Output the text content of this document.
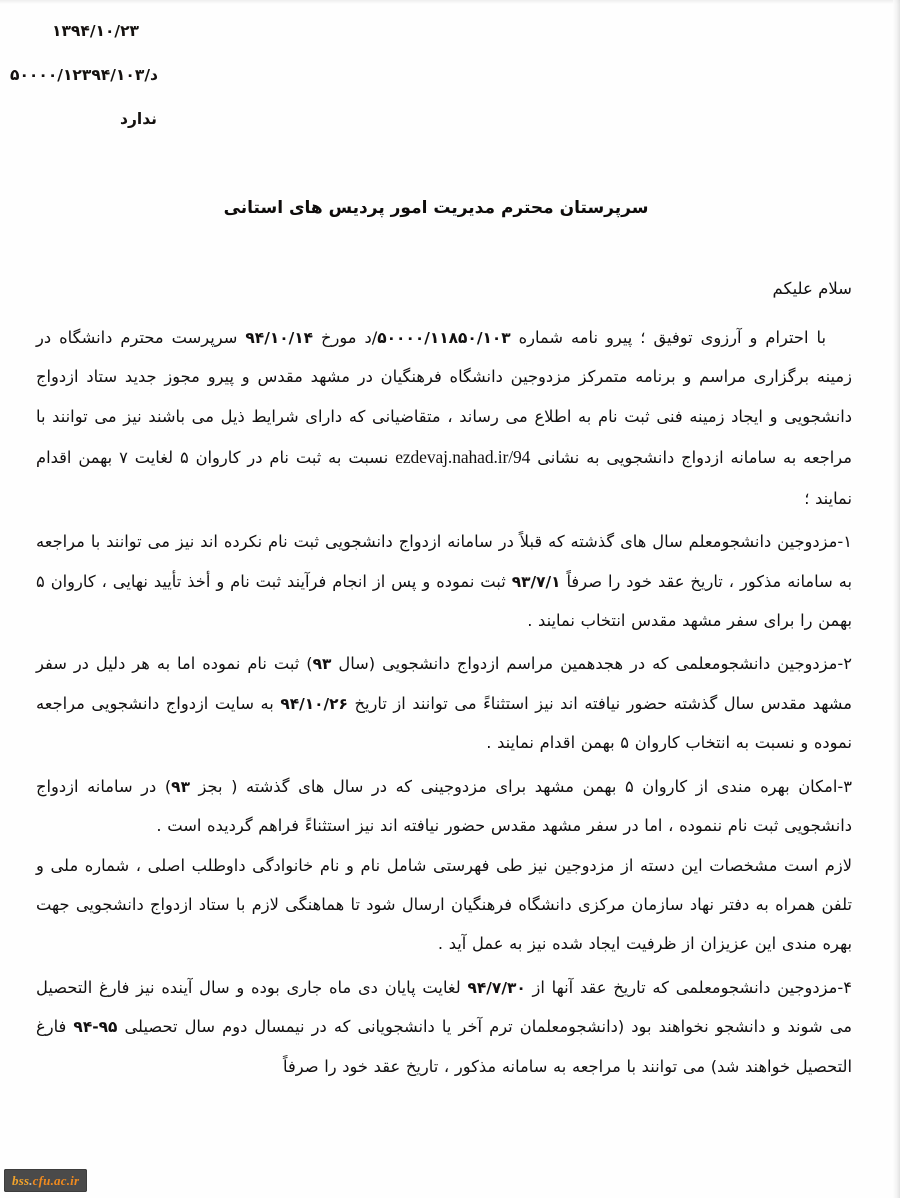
۱۳۹۴/۱۰/۲۳
د/۵۰۰۰۰/۱۲۳۹۴/۱۰۳
ندارد
سرپرستان محترم مدیریت امور پردیس های استانی
سلام علیکم

با احترام و آرزوی توفیق ؛ پیرو نامه شماره ۵۰۰۰۰/۱۱۸۵۰/۱۰۳/د مورخ ۹۴/۱۰/۱۴ سرپرست محترم دانشگاه در زمینه برگزاری مراسم و برنامه متمرکز مزدوجین دانشگاه فرهنگیان در مشهد مقدس و پیرو مجوز جدید ستاد ازدواج دانشجویی و ایجاد زمینه فنی ثبت نام به اطلاع می رساند ، متقاضیانی که دارای شرایط ذیل می باشند نیز می توانند با مراجعه به سامانه ازدواج دانشجویی به نشانی ezdevaj.nahad.ir/94 نسبت به ثبت نام در کاروان ۵ لغایت ۷ بهمن اقدام نمایند ؛

۱-مزدوجین دانشجومعلم سال های گذشته که قبلاً در سامانه ازدواج دانشجویی ثبت نام نکرده اند نیز می توانند با مراجعه به سامانه مذکور ، تاریخ عقد خود را صرفاً ۹۳/۷/۱ ثبت نموده و پس از انجام فرآیند ثبت نام و أخذ تأیید نهایی ، کاروان ۵ بهمن را برای سفر مشهد مقدس انتخاب نمایند .

۲-مزدوجین دانشجومعلمی که در هجدهمین مراسم ازدواج دانشجویی (سال ۹۳) ثبت نام نموده اما به هر دلیل در سفر مشهد مقدس سال گذشته حضور نیافته اند نیز استثناءً می توانند از تاریخ ۹۴/۱۰/۲۶ به سایت ازدواج دانشجویی مراجعه نموده و نسبت به انتخاب کاروان ۵ بهمن اقدام نمایند .

۳-امکان بهره مندی از کاروان ۵ بهمن مشهد برای مزدوجینی که در سال های گذشته ( بجز ۹۳) در سامانه ازدواج دانشجویی ثبت نام ننموده ، اما در سفر مشهد مقدس حضور نیافته اند نیز استثناءً فراهم گردیده است .

لازم است مشخصات این دسته از مزدوجین نیز طی فهرستی شامل نام و نام خانوادگی داوطلب اصلی ، شماره ملی و تلفن همراه به دفتر نهاد سازمان مرکزی دانشگاه فرهنگیان ارسال شود تا هماهنگی لازم با ستاد ازدواج دانشجویی جهت بهره مندی این عزیزان از ظرفیت ایجاد شده نیز به عمل آید .

۴-مزدوجین دانشجومعلمی که تاریخ عقد آنها از ۹۴/۷/۳۰ لغایت پایان دی ماه جاری بوده و سال آینده نیز فارغ التحصیل می شوند و دانشجو نخواهند بود (دانشجومعلمان ترم آخر یا دانشجویانی که در نیمسال دوم سال تحصیلی ۹۴-۹۵ فارغ التحصیل خواهند شد) می توانند با مراجعه به سامانه مذکور ، تاریخ عقد خود را صرفاً

bss.cfu.ac.ir
